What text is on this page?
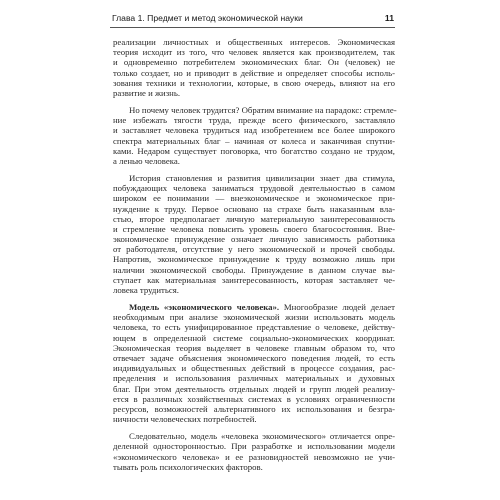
Глава 1. Предмет и метод экономической науки	11
реализации личностных и общественных интересов. Экономическая
теория исходит из того, что человек является как производителем, так
и одновременно потребителем экономических благ. Он (человек) не
только создает, но и приводит в действие и определяет способы исполь-
зования техники и технологии, которые, в свою очередь, влияют на его
развитие и жизнь.
Но почему человек трудится? Обратим внимание на парадокс: стремле-
ние избежать тягости труда, прежде всего физического, заставляло
и заставляет человека трудиться над изобретением все более широкого
спектра материальных благ – начиная от колеса и заканчивая спутни-
ками. Недаром существует поговорка, что богатство создано не трудом,
а ленью человека.
История становления и развития цивилизации знает два стимула,
побуждающих человека заниматься трудовой деятельностью в самом
широком ее понимании — внеэкономическое и экономическое при-
нуждение к труду. Первое основано на страхе быть наказанным вла-
стью, второе предполагает личную материальную заинтересованность
и стремление человека повысить уровень своего благосостояния. Вне-
экономическое принуждение означает личную зависимость работника
от работодателя, отсутствие у него экономической и прочей свободы.
Напротив, экономическое принуждение к труду возможно лишь при
наличии экономической свободы. Принуждение в данном случае вы-
ступает как материальная заинтересованность, которая заставляет че-
ловека трудиться.
Модель «экономического человека». Многообразие людей делает
необходимым при анализе экономической жизни использовать модель
человека, то есть унифицированное представление о человеке, действу-
ющем в определенной системе социально-экономических координат.
Экономическая теория выделяет в человеке главным образом то, что
отвечает задаче объяснения экономического поведения людей, то есть
индивидуальных и общественных действий в процессе создания, рас-
пределения и использования различных материальных и духовных
благ. При этом деятельность отдельных людей и групп людей реализу-
ется в различных хозяйственных системах в условиях ограниченности
ресурсов, возможностей альтернативного их использования и безгра-
ничности человеческих потребностей.
Следовательно, модель «человека экономического» отличается опре-
деленной односторонностью. При разработке и использовании модели
«экономического человека» и ее разновидностей невозможно не учи-
тывать роль психологических факторов.
